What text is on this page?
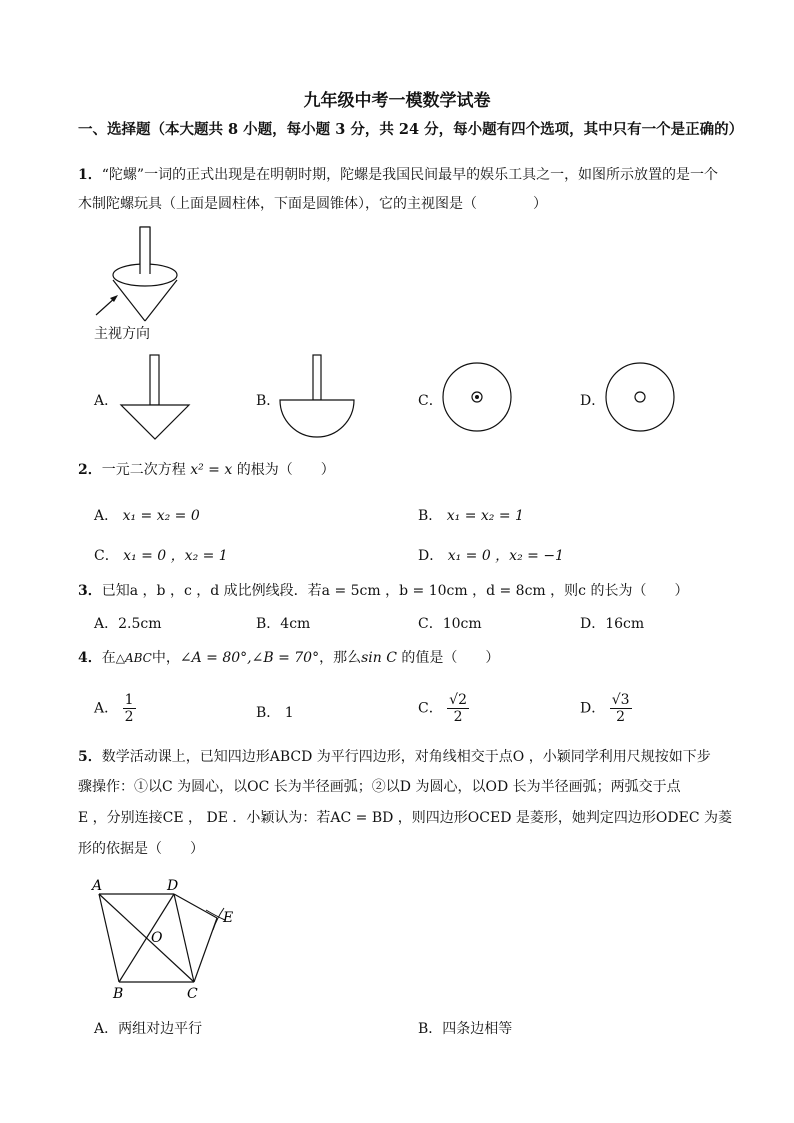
九年级中考一模数学试卷
一、选择题（本大题共 8 小题，每小题 3 分，共 24 分，每小题有四个选项，其中只有一个是正确的）
1．“陀螺”一词的正式出现是在明朝时期，陀螺是我国民间最早的娱乐工具之一，如图所示放置的是一个
木制陀螺玩具（上面是圆柱体，下面是圆锥体），它的主视图是（　　　　）
主视方向
A．	B．	C．	D．
2．一元二次方程 x² = x 的根为（　　）
A． x₁ = x₂ = 0	B． x₁ = x₂ = 1
C． x₁ = 0 ，x₂ = 1	D． x₁ = 0 ，x₂ = −1
3．已知a ，b ，c ，d 成比例线段．若a = 5cm ，b = 10cm ，d = 8cm ，则c 的长为（　　）
A．2.5cm	B．4cm	C．10cm	D．16cm
4．在△ABC中，∠A = 80°,∠B = 70°，那么sin C 的值是（　　）
A． $\frac{1}{2}$	B． 1	C． $\frac{√2}{2}$	D． $\frac{√3}{2}$
5．数学活动课上，已知四边形ABCD 为平行四边形，对角线相交于点O ，小颖同学利用尺规按如下步
骤操作：①以C 为圆心，以OC 长为半径画弧；②以D 为圆心，以OD 长为半径画弧；两弧交于点
E ，分别连接CE ， DE ．小颖认为：若AC = BD ，则四边形OCED 是菱形，她判定四边形ODEC 为菱
形的依据是（　　）
A	D
E
O
B	C
A．两组对边平行	B．四条边相等
